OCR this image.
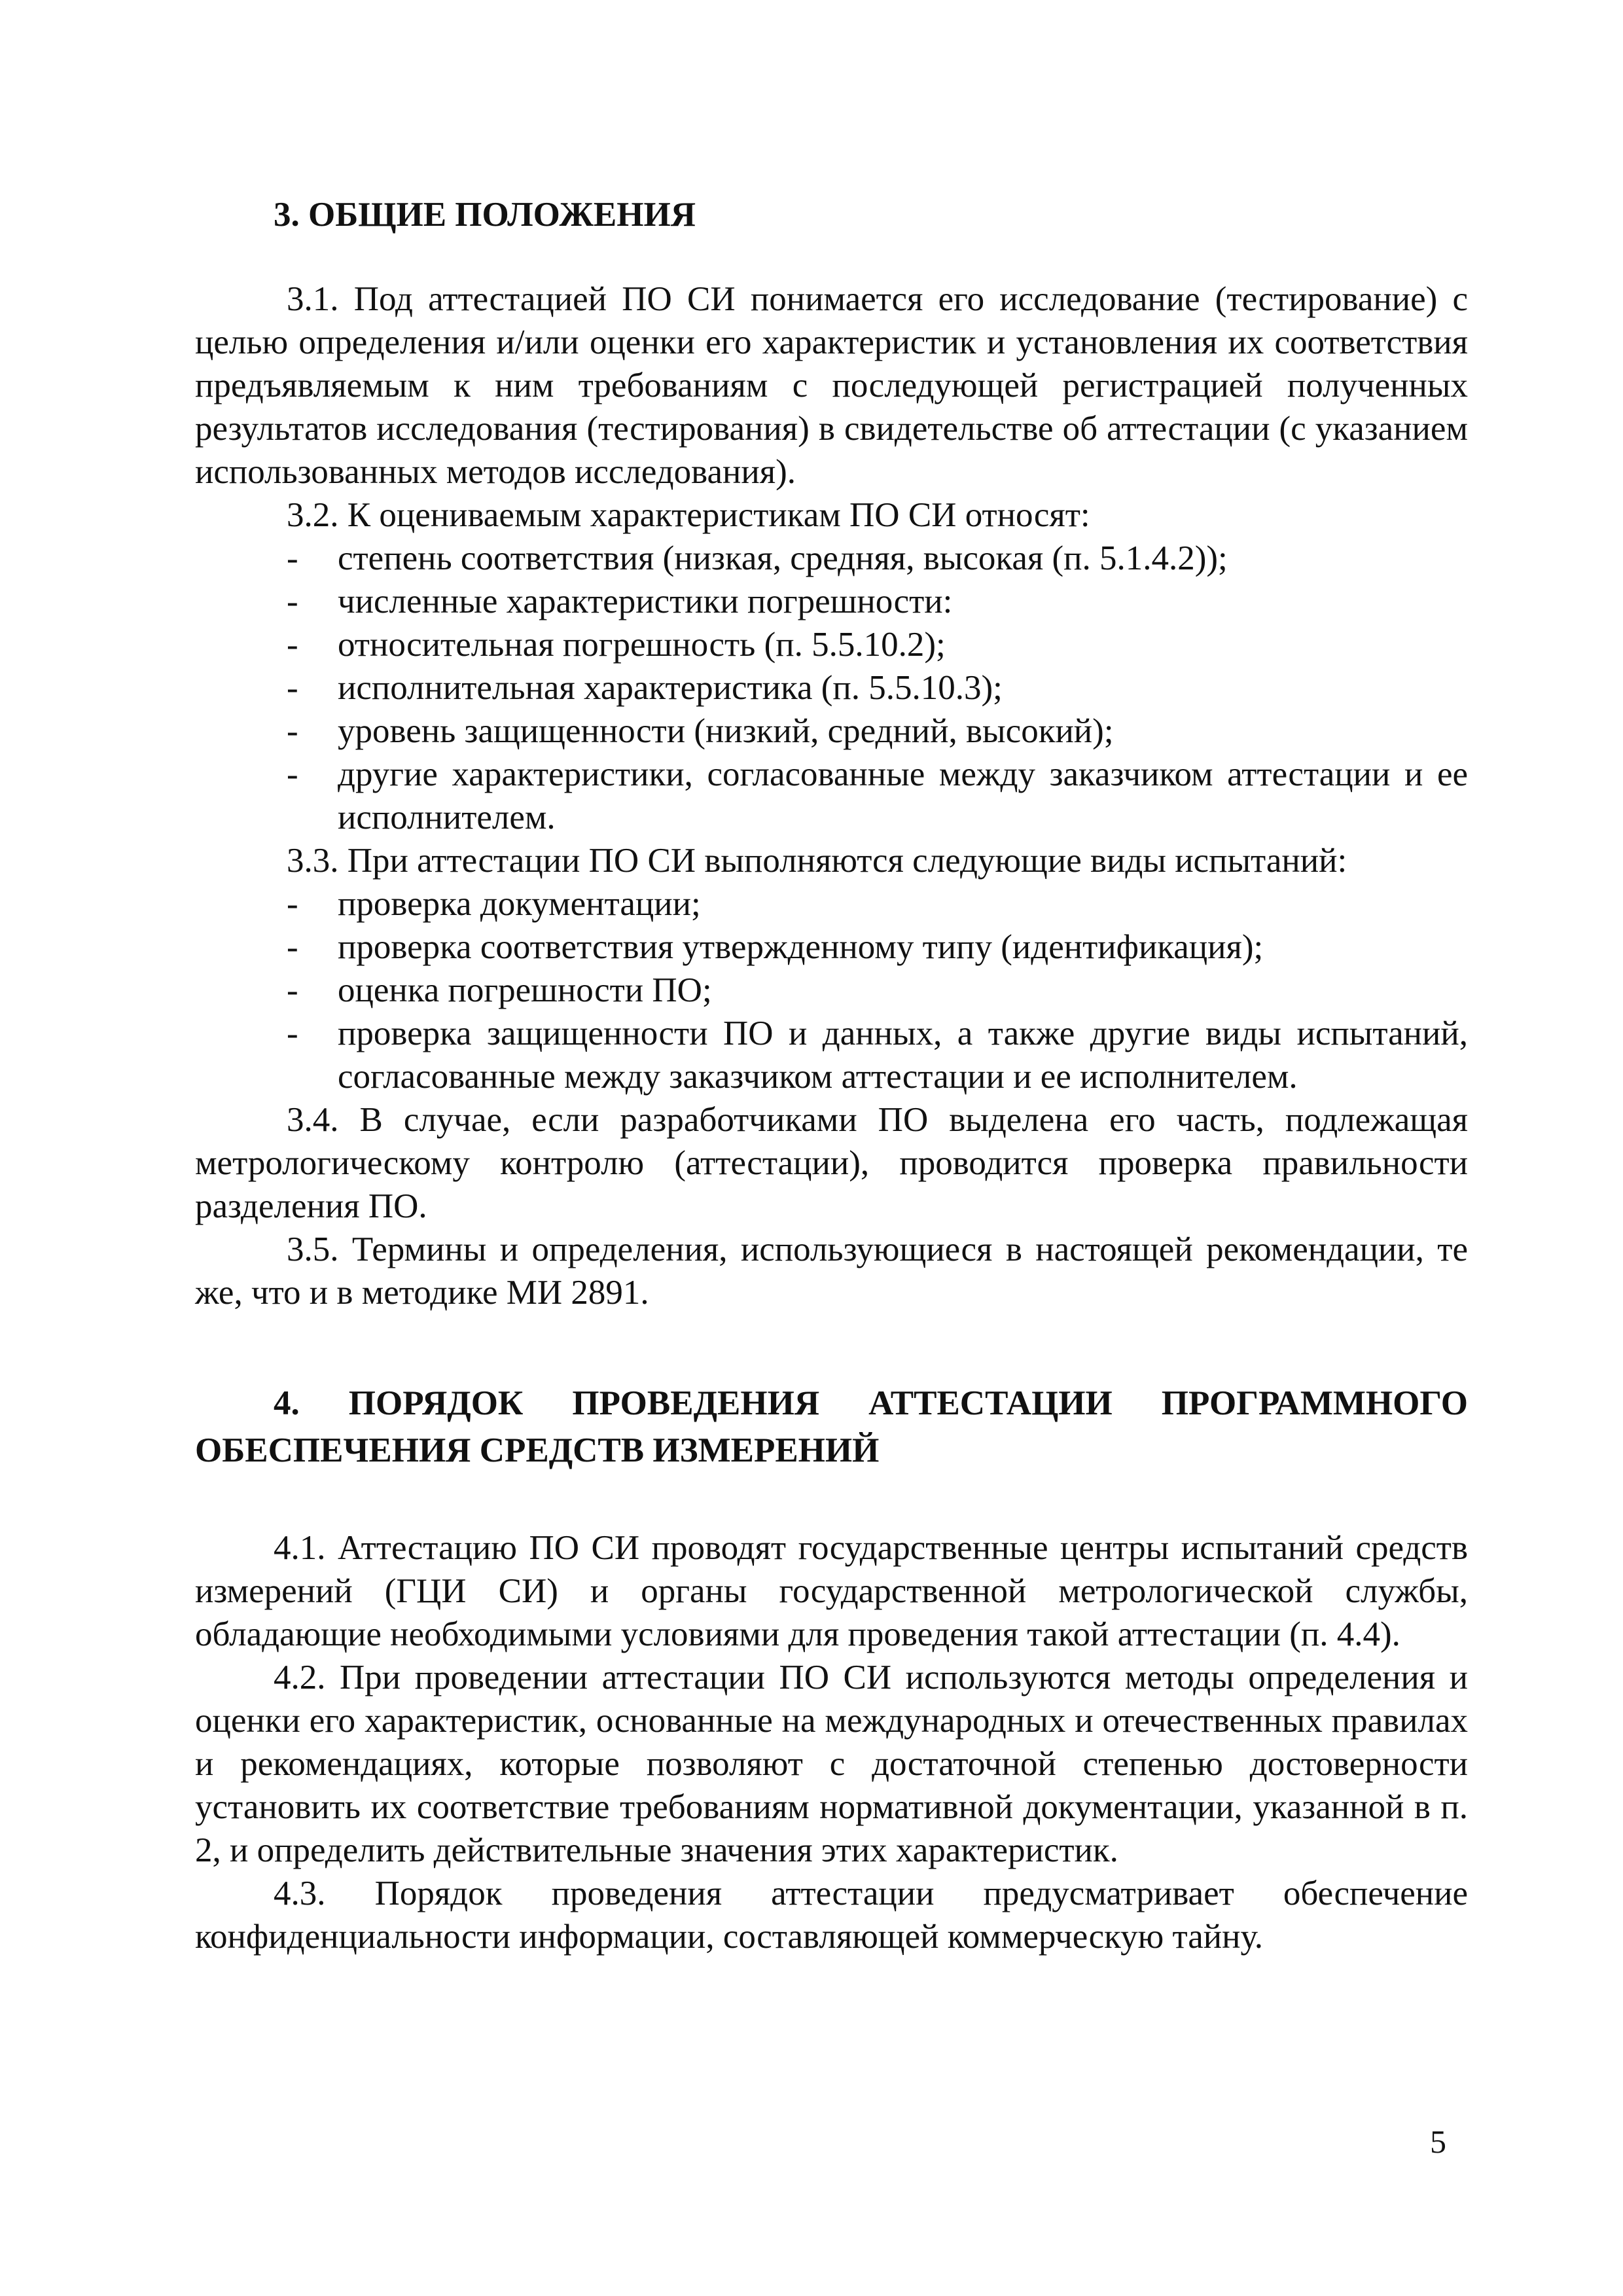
3. ОБЩИЕ ПОЛОЖЕНИЯ

3.1. Под аттестацией ПО СИ понимается его исследование (тестирование) с целью определения и/или оценки его характеристик и установления их соответствия предъявляемым к ним требованиям с последующей регистрацией полученных результатов исследования (тестирования) в свидетельстве об аттестации (с указанием использованных методов исследования).

3.2. К оцениваемым характеристикам ПО СИ относят:

- степень соответствия (низкая, средняя, высокая (п. 5.1.4.2));
- численные характеристики погрешности:
- относительная погрешность (п. 5.5.10.2);
- исполнительная характеристика (п. 5.5.10.3);
- уровень защищенности (низкий, средний, высокий);
- другие характеристики, согласованные между заказчиком аттестации и ее исполнителем.

3.3. При аттестации ПО СИ выполняются следующие виды испытаний:

- проверка документации;
- проверка соответствия утвержденному типу (идентификация);
- оценка погрешности ПО;
- проверка защищенности ПО и данных, а также другие виды испытаний, согласованные между заказчиком аттестации и ее исполнителем.

3.4. В случае, если разработчиками ПО выделена его часть, подлежащая метрологическому контролю (аттестации), проводится проверка правильности разделения ПО.

3.5. Термины и определения, использующиеся в настоящей рекомендации, те же, что и в методике МИ 2891.

4. ПОРЯДОК ПРОВЕДЕНИЯ АТТЕСТАЦИИ ПРОГРАММНОГО ОБЕСПЕЧЕНИЯ СРЕДСТВ ИЗМЕРЕНИЙ

4.1. Аттестацию ПО СИ проводят государственные центры испытаний средств измерений (ГЦИ СИ) и органы государственной метрологической службы, обладающие необходимыми условиями для проведения такой аттестации (п. 4.4).

4.2. При проведении аттестации ПО СИ используются методы определения и оценки его характеристик, основанные на международных и отечественных правилах и рекомендациях, которые позволяют с достаточной степенью достоверности установить их соответствие требованиям нормативной документации, указанной в п. 2, и определить действительные значения этих характеристик.

4.3. Порядок проведения аттестации предусматривает обеспечение конфиденциальности информации, составляющей коммерческую тайну.

5
